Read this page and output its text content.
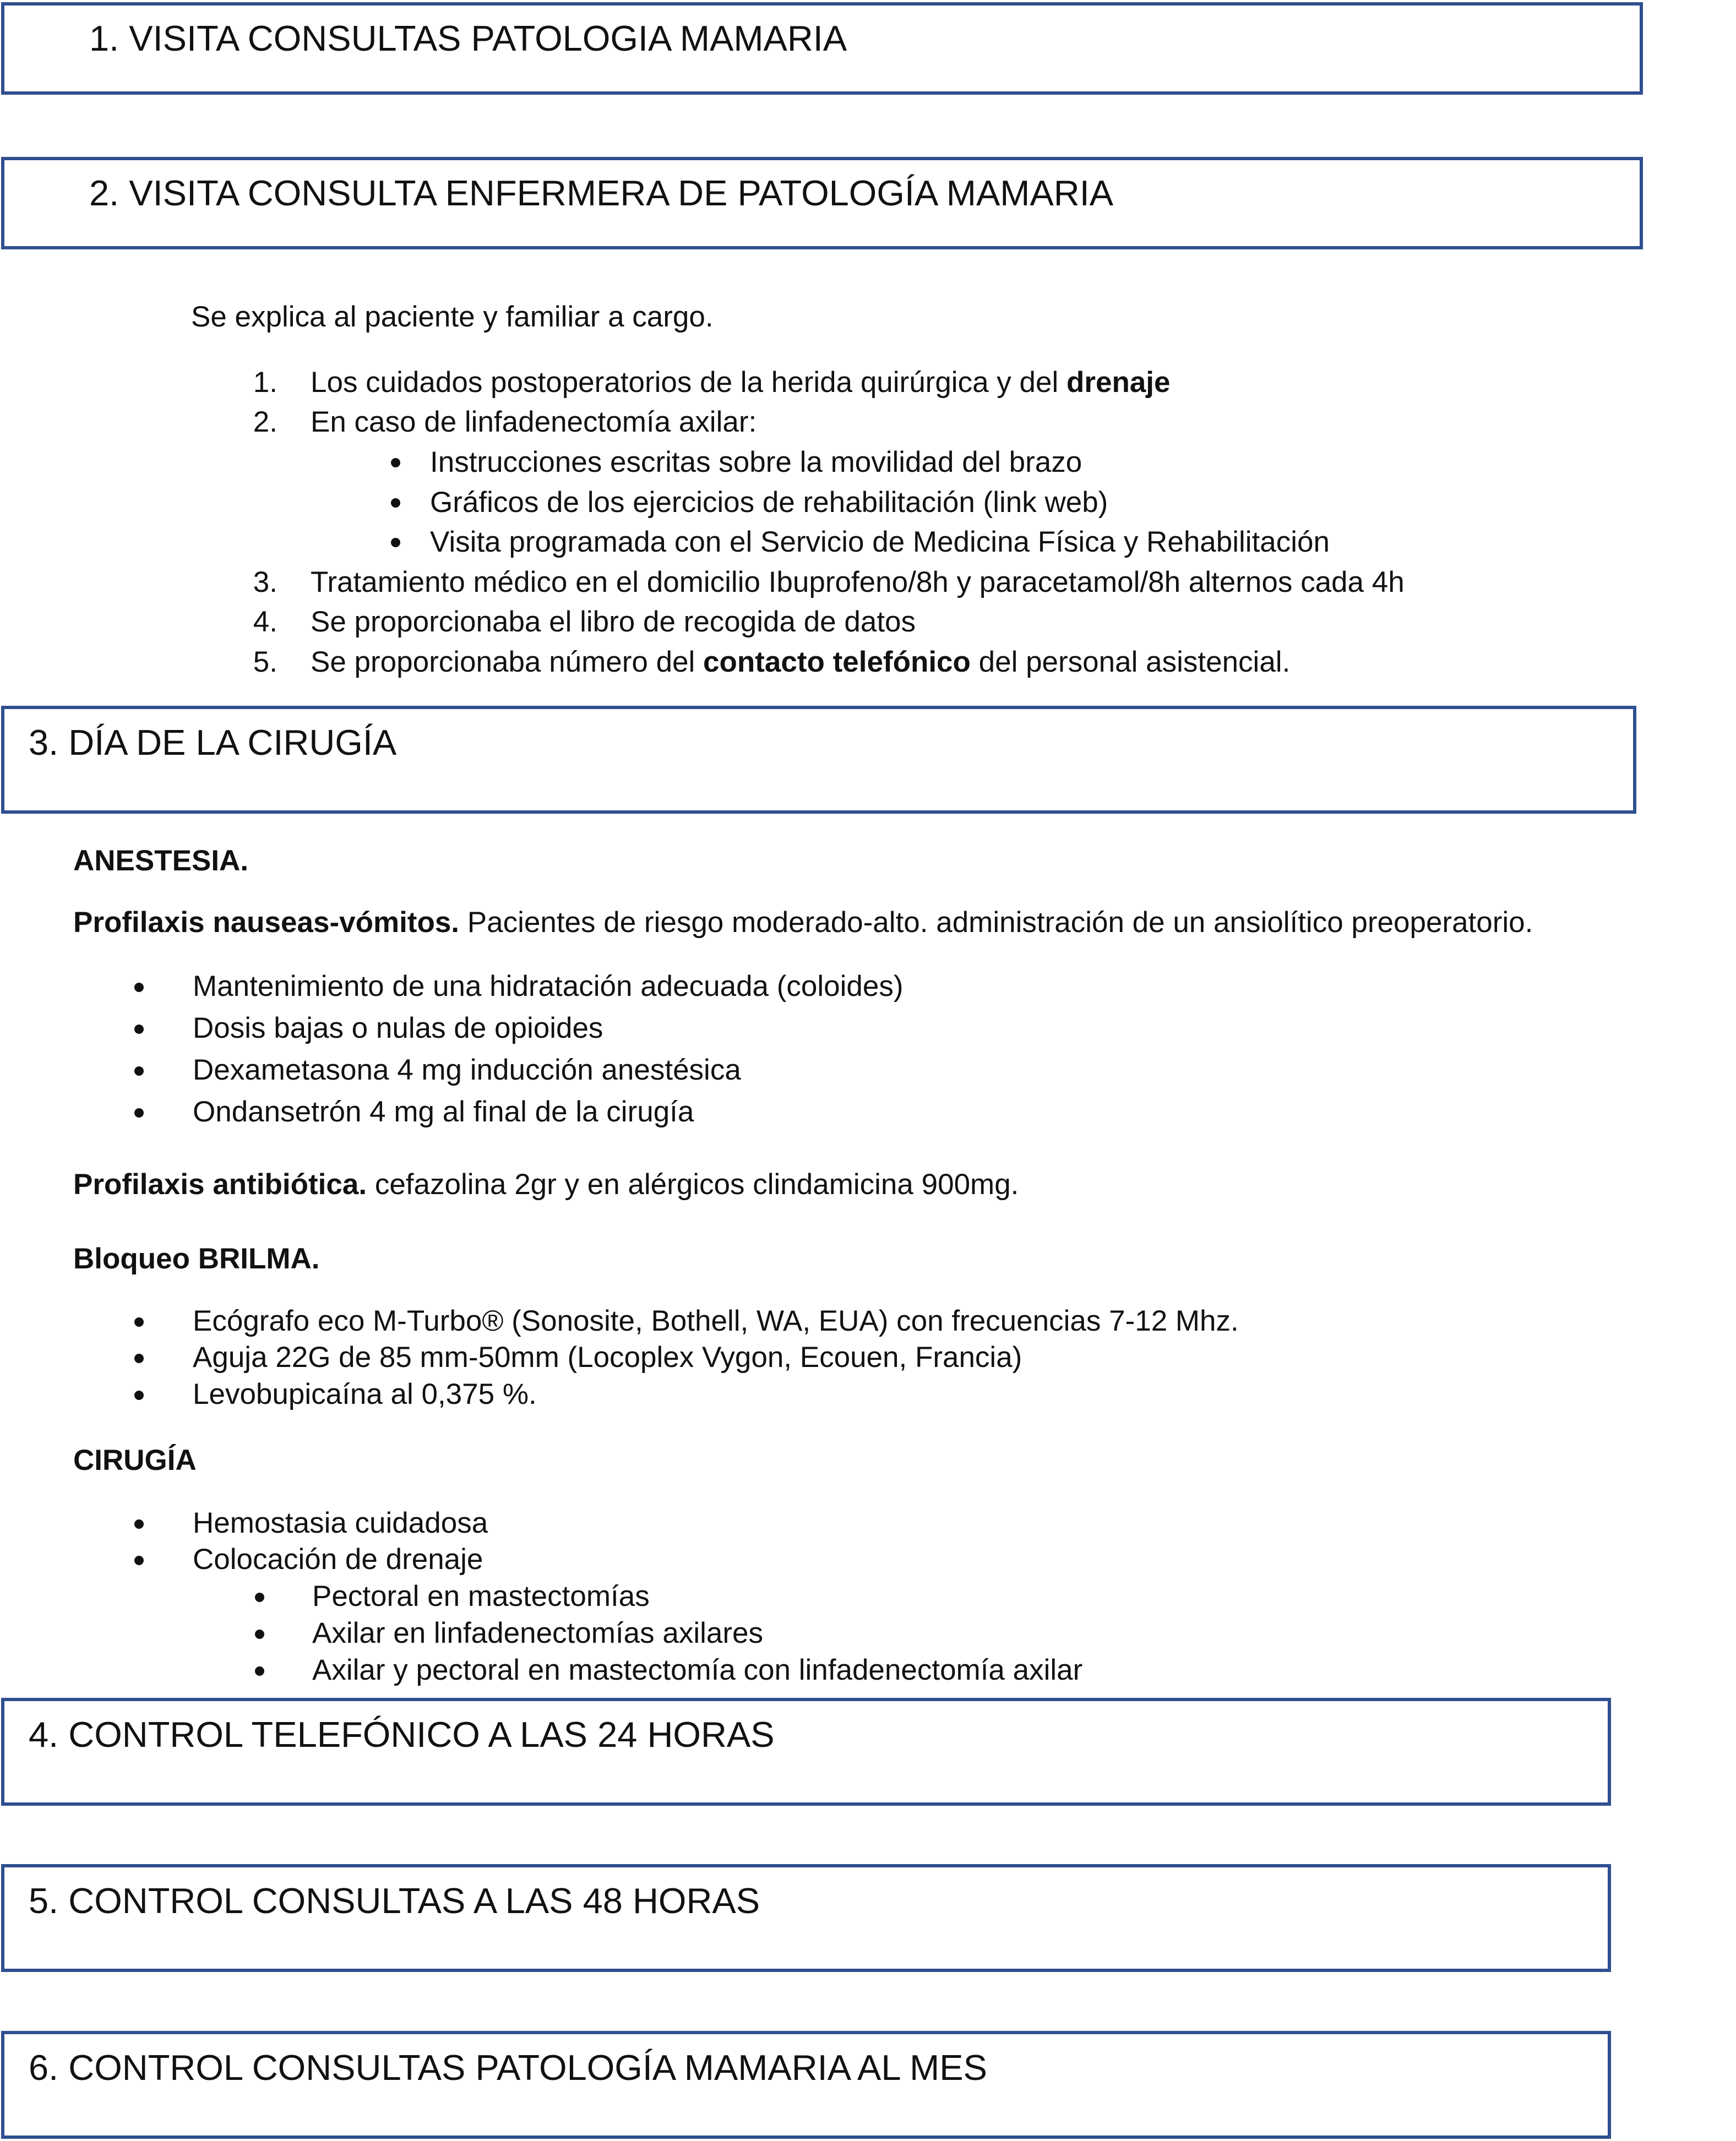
1. VISITA CONSULTAS PATOLOGIA MAMARIA
2. VISITA CONSULTA ENFERMERA DE PATOLOGÍA MAMARIA
Se explica al paciente y familiar a cargo.
1. Los cuidados postoperatorios de la herida quirúrgica y del drenaje
2. En caso de linfadenectomía axilar:
Instrucciones escritas sobre la movilidad del brazo
Gráficos de los ejercicios de rehabilitación (link web)
Visita programada con el Servicio de Medicina Física y Rehabilitación
3. Tratamiento médico en el domicilio Ibuprofeno/8h y paracetamol/8h alternos cada 4h
4. Se proporcionaba el libro de recogida de datos
5. Se proporcionaba número del contacto telefónico del personal asistencial.
3. DÍA DE LA CIRUGÍA
ANESTESIA.
Profilaxis nauseas-vómitos. Pacientes de riesgo moderado-alto. administración de un ansiolítico preoperatorio.
Mantenimiento de una hidratación adecuada (coloides)
Dosis bajas o nulas de opioides
Dexametasona 4 mg inducción anestésica
Ondansetrón 4 mg al final de la cirugía
Profilaxis antibiótica. cefazolina 2gr y en alérgicos clindamicina 900mg.
Bloqueo BRILMA.
Ecógrafo eco M-Turbo® (Sonosite, Bothell, WA, EUA) con frecuencias 7-12 Mhz.
Aguja 22G de 85 mm-50mm (Locoplex Vygon, Ecouen, Francia)
Levobupicaína al 0,375 %.
CIRUGÍA
Hemostasia cuidadosa
Colocación de drenaje
Pectoral en mastectomías
Axilar en linfadenectomías axilares
Axilar y pectoral en mastectomía con linfadenectomía axilar
4. CONTROL TELEFÓNICO A LAS 24 HORAS
5. CONTROL CONSULTAS A LAS 48 HORAS
6. CONTROL CONSULTAS PATOLOGÍA MAMARIA AL MES
